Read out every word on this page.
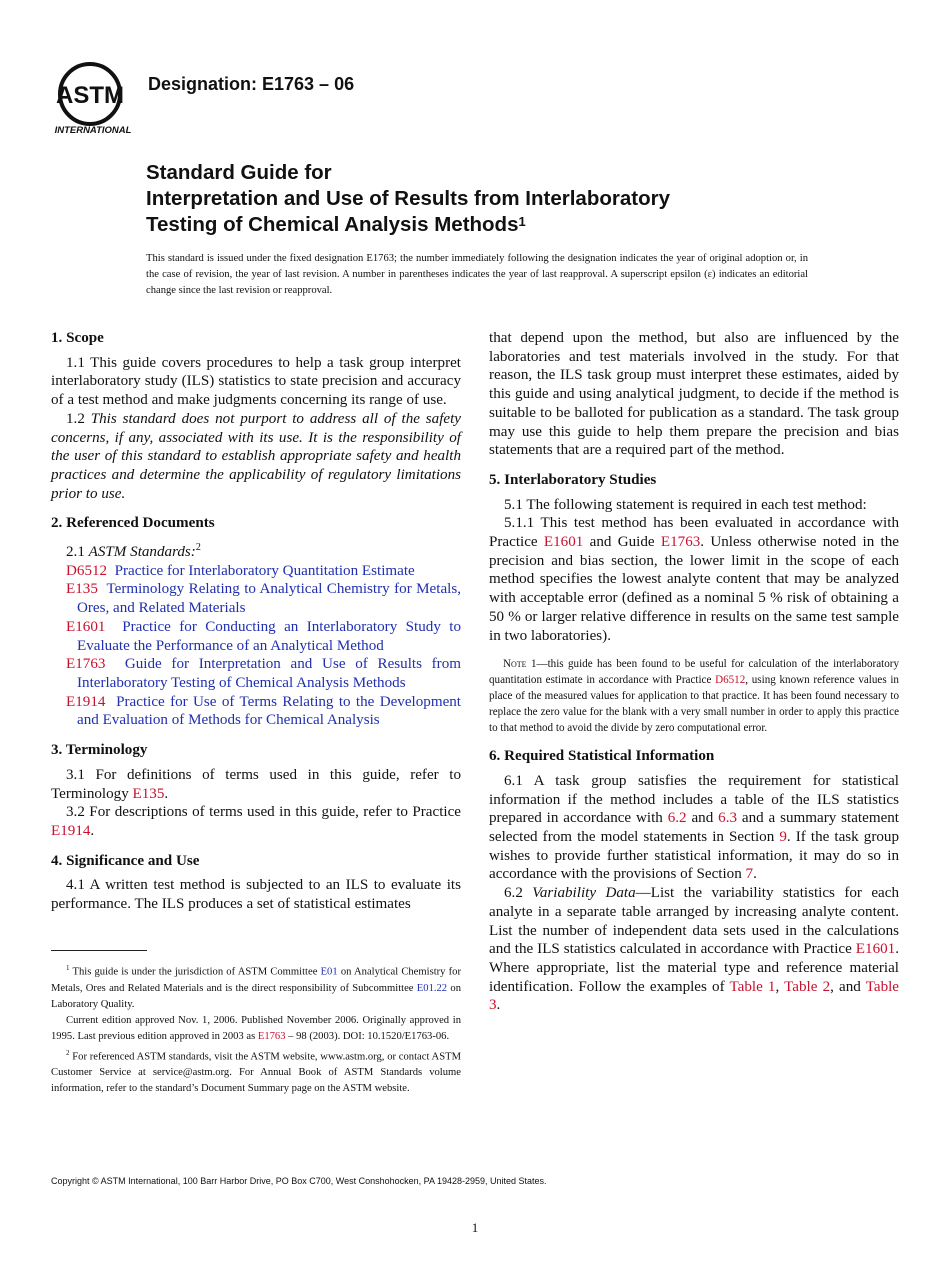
ASTM
INTERNATIONAL
Designation: E1763 – 06
Standard Guide for
Interpretation and Use of Results from Interlaboratory
Testing of Chemical Analysis Methods$^1$
This standard is issued under the fixed designation E1763; the number immediately following the designation indicates the year of original adoption or, in the case of revision, the year of last revision. A number in parentheses indicates the year of last reapproval. A superscript epsilon (ε) indicates an editorial change since the last revision or reapproval.
1. Scope

1.1 This guide covers procedures to help a task group interpret interlaboratory study (ILS) statistics to state precision and accuracy of a test method and make judgments concerning its range of use.

1.2 This standard does not purport to address all of the safety concerns, if any, associated with its use. It is the responsibility of the user of this standard to establish appropriate safety and health practices and determine the applicability of regulatory limitations prior to use.

2. Referenced Documents

2.1 ASTM Standards:$^2$

D6512 Practice for Interlaboratory Quantitation Estimate

E135 Terminology Relating to Analytical Chemistry for Metals, Ores, and Related Materials

E1601 Practice for Conducting an Interlaboratory Study to Evaluate the Performance of an Analytical Method

E1763 Guide for Interpretation and Use of Results from Interlaboratory Testing of Chemical Analysis Methods

E1914 Practice for Use of Terms Relating to the Development and Evaluation of Methods for Chemical Analysis

3. Terminology

3.1 For definitions of terms used in this guide, refer to Terminology E135.

3.2 For descriptions of terms used in this guide, refer to Practice E1914.

4. Significance and Use

4.1 A written test method is subjected to an ILS to evaluate its performance. The ILS produces a set of statistical estimates

$^1$ This guide is under the jurisdiction of ASTM Committee E01 on Analytical Chemistry for Metals, Ores and Related Materials and is the direct responsibility of Subcommittee E01.22 on Laboratory Quality.

Current edition approved Nov. 1, 2006. Published November 2006. Originally approved in 1995. Last previous edition approved in 2003 as E1763 – 98 (2003). DOI: 10.1520/E1763-06.

$^2$ For referenced ASTM standards, visit the ASTM website, www.astm.org, or contact ASTM Customer Service at service@astm.org. For Annual Book of ASTM Standards volume information, refer to the standard’s Document Summary page on the ASTM website.

that depend upon the method, but also are influenced by the laboratories and test materials involved in the study. For that reason, the ILS task group must interpret these estimates, aided by this guide and using analytical judgment, to decide if the method is suitable to be balloted for publication as a standard. The task group may use this guide to help them prepare the precision and bias statements that are a required part of the method.

5. Interlaboratory Studies

5.1 The following statement is required in each test method:

5.1.1 This test method has been evaluated in accordance with Practice E1601 and Guide E1763. Unless otherwise noted in the precision and bias section, the lower limit in the scope of each method specifies the lowest analyte content that may be analyzed with acceptable error (defined as a nominal 5 % risk of obtaining a 50 % or larger relative difference in results on the same test sample in two laboratories).

Note 1—this guide has been found to be useful for calculation of the interlaboratory quantitation estimate in accordance with Practice D6512, using known reference values in place of the measured values for application to that practice. It has been found necessary to replace the zero value for the blank with a very small number in order to apply this practice to that method to avoid the divide by zero computational error.

6. Required Statistical Information

6.1 A task group satisfies the requirement for statistical information if the method includes a table of the ILS statistics prepared in accordance with 6.2 and 6.3 and a summary statement selected from the model statements in Section 9. If the task group wishes to provide further statistical information, it may do so in accordance with the provisions of Section 7.

6.2 Variability Data—List the variability statistics for each analyte in a separate table arranged by increasing analyte content. List the number of independent data sets used in the calculations and the ILS statistics calculated in accordance with Practice E1601. Where appropriate, list the material type and reference material identification. Follow the examples of Table 1, Table 2, and Table 3.

Copyright © ASTM International, 100 Barr Harbor Drive, PO Box C700, West Conshohocken, PA 19428-2959, United States.
1
